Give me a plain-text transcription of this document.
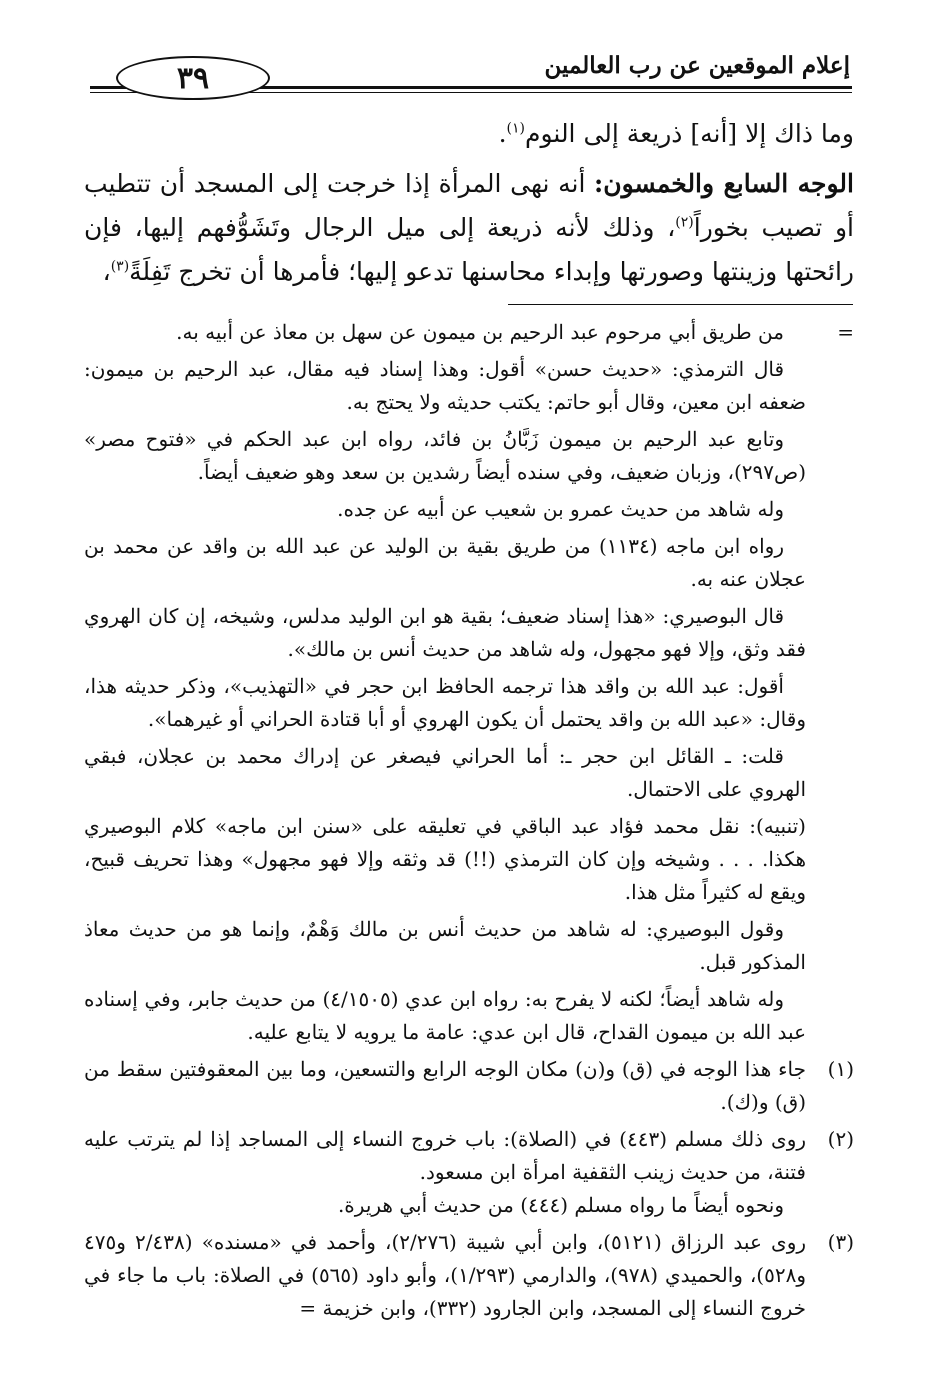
إعلام الموقعين عن رب العالمين
٣٩

وما ذاك إلا [أنه] ذريعة إلى النوم$^{(١)}$.

الوجه السابع والخمسون: أنه نهى المرأة إذا خرجت إلى المسجد أن تتطيب أو تصيب بخوراً$^{(٢)}$، وذلك لأنه ذريعة إلى ميل الرجال وتَشَوُّفهم إليها، فإن رائحتها وزينتها وصورتها وإبداء محاسنها تدعو إليها؛ فأمرها أن تخرج تَفِلَةً$^{(٣)}$،

=

من طريق أبي مرحوم عبد الرحيم بن ميمون عن سهل بن معاذ عن أبيه به.

قال الترمذي: «حديث حسن» أقول: وهذا إسناد فيه مقال، عبد الرحيم بن ميمون: ضعفه ابن معين، وقال أبو حاتم: يكتب حديثه ولا يحتج به.

وتابع عبد الرحيم بن ميمون زَبَّانُ بن فائد، رواه ابن عبد الحكم في «فتوح مصر» (ص٢٩٧)، وزبان ضعيف، وفي سنده أيضاً رشدين بن سعد وهو ضعيف أيضاً.

وله شاهد من حديث عمرو بن شعيب عن أبيه عن جده.

رواه ابن ماجه (١١٣٤) من طريق بقية بن الوليد عن عبد الله بن واقد عن محمد بن عجلان عنه به.

قال البوصيري: «هذا إسناد ضعيف؛ بقية هو ابن الوليد مدلس، وشيخه، إن كان الهروي فقد وثق، وإلا فهو مجهول، وله شاهد من حديث أنس بن مالك».

أقول: عبد الله بن واقد هذا ترجمه الحافظ ابن حجر في «التهذيب»، وذكر حديثه هذا، وقال: «عبد الله بن واقد يحتمل أن يكون الهروي أو أبا قتادة الحراني أو غيرهما».

قلت: ـ القائل ابن حجر ـ: أما الحراني فيصغر عن إدراك محمد بن عجلان، فبقي الهروي على الاحتمال.

(تنبيه): نقل محمد فؤاد عبد الباقي في تعليقه على «سنن ابن ماجه» كلام البوصيري هكذا. . . . وشيخه وإن كان الترمذي (!!) قد وثقه وإلا فهو مجهول» وهذا تحريف قبيح، ويقع له كثيراً مثل هذا.

وقول البوصيري: له شاهد من حديث أنس بن مالك وَهْمٌ، وإنما هو من حديث معاذ المذكور قبل.

وله شاهد أيضاً؛ لكنه لا يفرح به: رواه ابن عدي (٤/١٥٠٥) من حديث جابر، وفي إسناده عبد الله بن ميمون القداح، قال ابن عدي: عامة ما يرويه لا يتابع عليه.

(١)

جاء هذا الوجه في (ق) و(ن) مكان الوجه الرابع والتسعين، وما بين المعقوفتين سقط من (ق) و(ك).

(٢)

روى ذلك مسلم (٤٤٣) في (الصلاة): باب خروج النساء إلى المساجد إذا لم يترتب عليه فتنة، من حديث زينب الثقفية امرأة ابن مسعود.

ونحوه أيضاً ما رواه مسلم (٤٤٤) من حديث أبي هريرة.

(٣)

روى عبد الرزاق (٥١٢١)، وابن أبي شيبة (٢/٢٧٦)، وأحمد في «مسنده» (٢/٤٣٨ و٤٧٥ و٥٢٨)، والحميدي (٩٧٨)، والدارمي (١/٢٩٣)، وأبو داود (٥٦٥) في الصلاة: باب ما جاء في خروج النساء إلى المسجد، وابن الجارود (٣٣٢)، وابن خزيمة =
